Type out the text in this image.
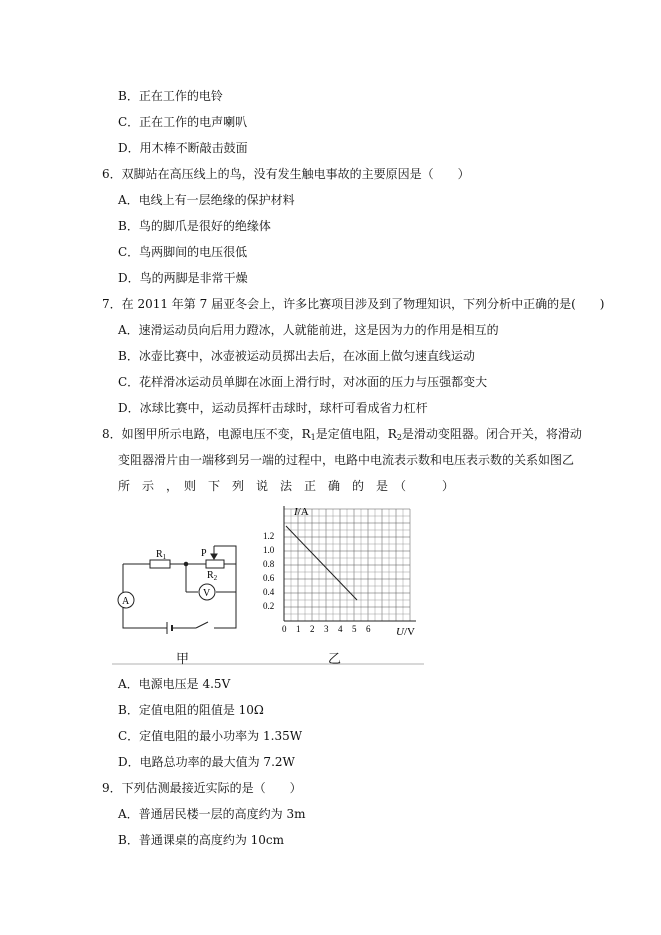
B．正在工作的电铃
C．正在工作的电声喇叭
D．用木棒不断敲击鼓面
6．双脚站在高压线上的鸟，没有发生触电事故的主要原因是（　　）
A．电线上有一层绝缘的保护材料
B．鸟的脚爪是很好的绝缘体
C．鸟两脚间的电压很低
D．鸟的两脚是非常干燥
7．在 2011 年第 7 届亚冬会上，许多比赛项目涉及到了物理知识，下列分析中正确的是(　　)
A．速滑运动员向后用力蹬冰，人就能前进，这是因为力的作用是相互的
B．冰壶比赛中，冰壶被运动员掷出去后，在冰面上做匀速直线运动
C．花样滑冰运动员单脚在冰面上滑行时，对冰面的压力与压强都变大
D．冰球比赛中，运动员挥杆击球时，球杆可看成省力杠杆
8．如图甲所示电路，电源电压不变，$R_1$是定值电阻，$R_2$是滑动变阻器。闭合开关，将滑动
变阻器滑片由一端移到另一端的过程中，电路中电流表示数和电压表示数的关系如图乙
所　示　，　则　下　列　说　法　正　确　的　是　（　　　）
$R_1$	P
$R_2$
A
V
I/A
U/V
1.2
1.0
0.8
0.6
0.4
0.2
0 1 2 3 4 5 6
甲	乙
A．电源电压是 4.5V
B．定值电阻的阻值是 10Ω
C．定值电阻的最小功率为 1.35W
D．电路总功率的最大值为 7.2W
9．下列估测最接近实际的是（　　）
A．普通居民楼一层的高度约为 3m
B．普通课桌的高度约为 10cm
